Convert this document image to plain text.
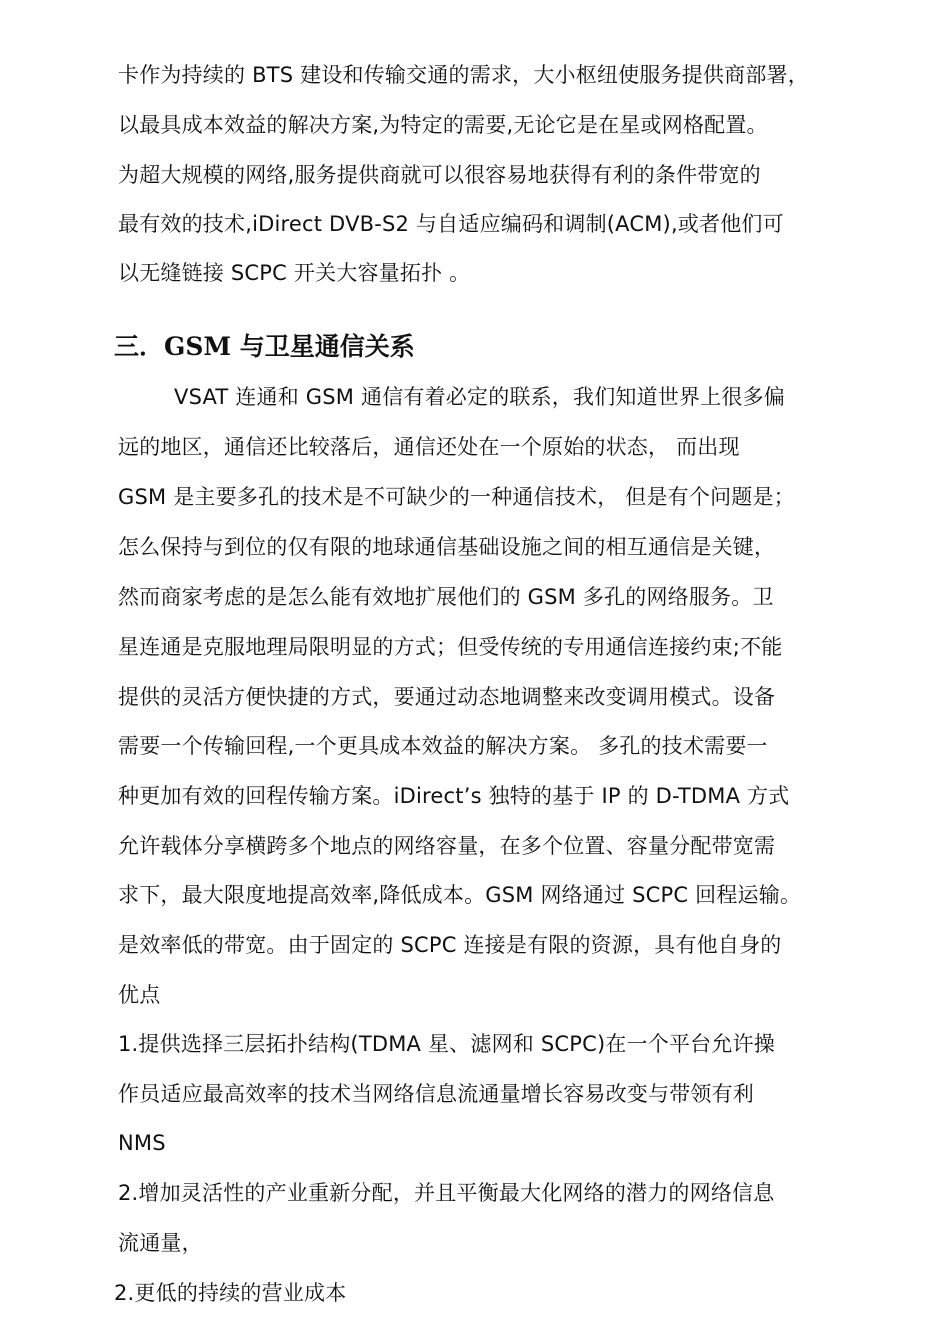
卡作为持续的 BTS 建设和传输交通的需求，大小枢纽使服务提供商部署，
以最具成本效益的解决方案,为特定的需要,无论它是在星或网格配置。
为超大规模的网络,服务提供商就可以很容易地获得有利的条件带宽的
最有效的技术,iDirect DVB-S2 与自适应编码和调制(ACM),或者他们可
以无缝链接 SCPC 开关大容量拓扑 。
三．GSM 与卫星通信关系
VSAT 连通和 GSM 通信有着必定的联系，我们知道世界上很多偏
远的地区，通信还比较落后，通信还处在一个原始的状态， 而出现
GSM 是主要多孔的技术是不可缺少的一种通信技术， 但是有个问题是；
怎么保持与到位的仅有限的地球通信基础设施之间的相互通信是关键，
然而商家考虑的是怎么能有效地扩展他们的 GSM 多孔的网络服务。卫
星连通是克服地理局限明显的方式；但受传统的专用通信连接约束;不能
提供的灵活方便快捷的方式，要通过动态地调整来改变调用模式。设备
需要一个传输回程,一个更具成本效益的解决方案。 多孔的技术需要一
种更加有效的回程传输方案。iDirect’s 独特的基于 IP 的 D-TDMA 方式
允许载体分享横跨多个地点的网络容量，在多个位置、容量分配带宽需
求下，最大限度地提高效率,降低成本。GSM 网络通过 SCPC 回程运输。
是效率低的带宽。由于固定的 SCPC 连接是有限的资源，具有他自身的
优点
1.提供选择三层拓扑结构(TDMA 星、滤网和 SCPC)在一个平台允许操
作员适应最高效率的技术当网络信息流通量增长容易改变与带领有利
NMS
2.增加灵活性的产业重新分配，并且平衡最大化网络的潜力的网络信息
流通量，
2.更低的持续的营业成本
